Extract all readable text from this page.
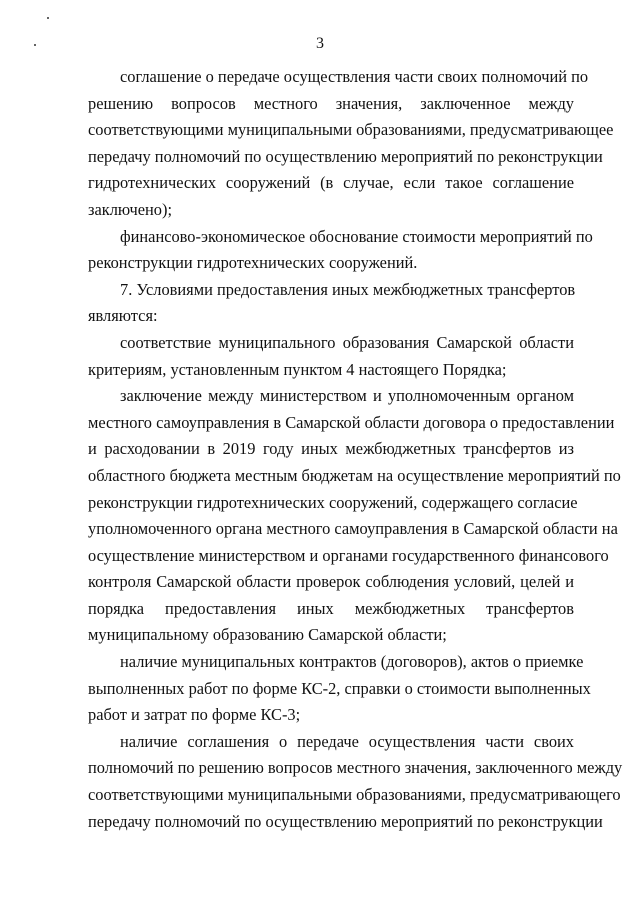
3
соглашение о передаче осуществления части своих полномочий по
решению вопросов местного значения, заключенное между
соответствующими муниципальными образованиями, предусматривающее
передачу полномочий по осуществлению мероприятий по реконструкции
гидротехнических сооружений (в случае, если такое соглашение
заключено);
финансово-экономическое обоснование стоимости мероприятий по
реконструкции гидротехнических сооружений.
7. Условиями предоставления иных межбюджетных трансфертов
являются:
соответствие муниципального образования Самарской области
критериям, установленным пунктом 4 настоящего Порядка;
заключение между министерством и уполномоченным органом
местного самоуправления в Самарской области договора о предоставлении
и расходовании в 2019 году иных межбюджетных трансфертов из
областного бюджета местным бюджетам на осуществление мероприятий по
реконструкции гидротехнических сооружений, содержащего согласие
уполномоченного органа местного самоуправления в Самарской области на
осуществление министерством и органами государственного финансового
контроля Самарской области проверок соблюдения условий, целей и
порядка предоставления иных межбюджетных трансфертов
муниципальному образованию Самарской области;
наличие муниципальных контрактов (договоров), актов о приемке
выполненных работ по форме КС-2, справки о стоимости выполненных
работ и затрат по форме КС-3;
наличие соглашения о передаче осуществления части своих
полномочий по решению вопросов местного значения, заключенного между
соответствующими муниципальными образованиями, предусматривающего
передачу полномочий по осуществлению мероприятий по реконструкции
